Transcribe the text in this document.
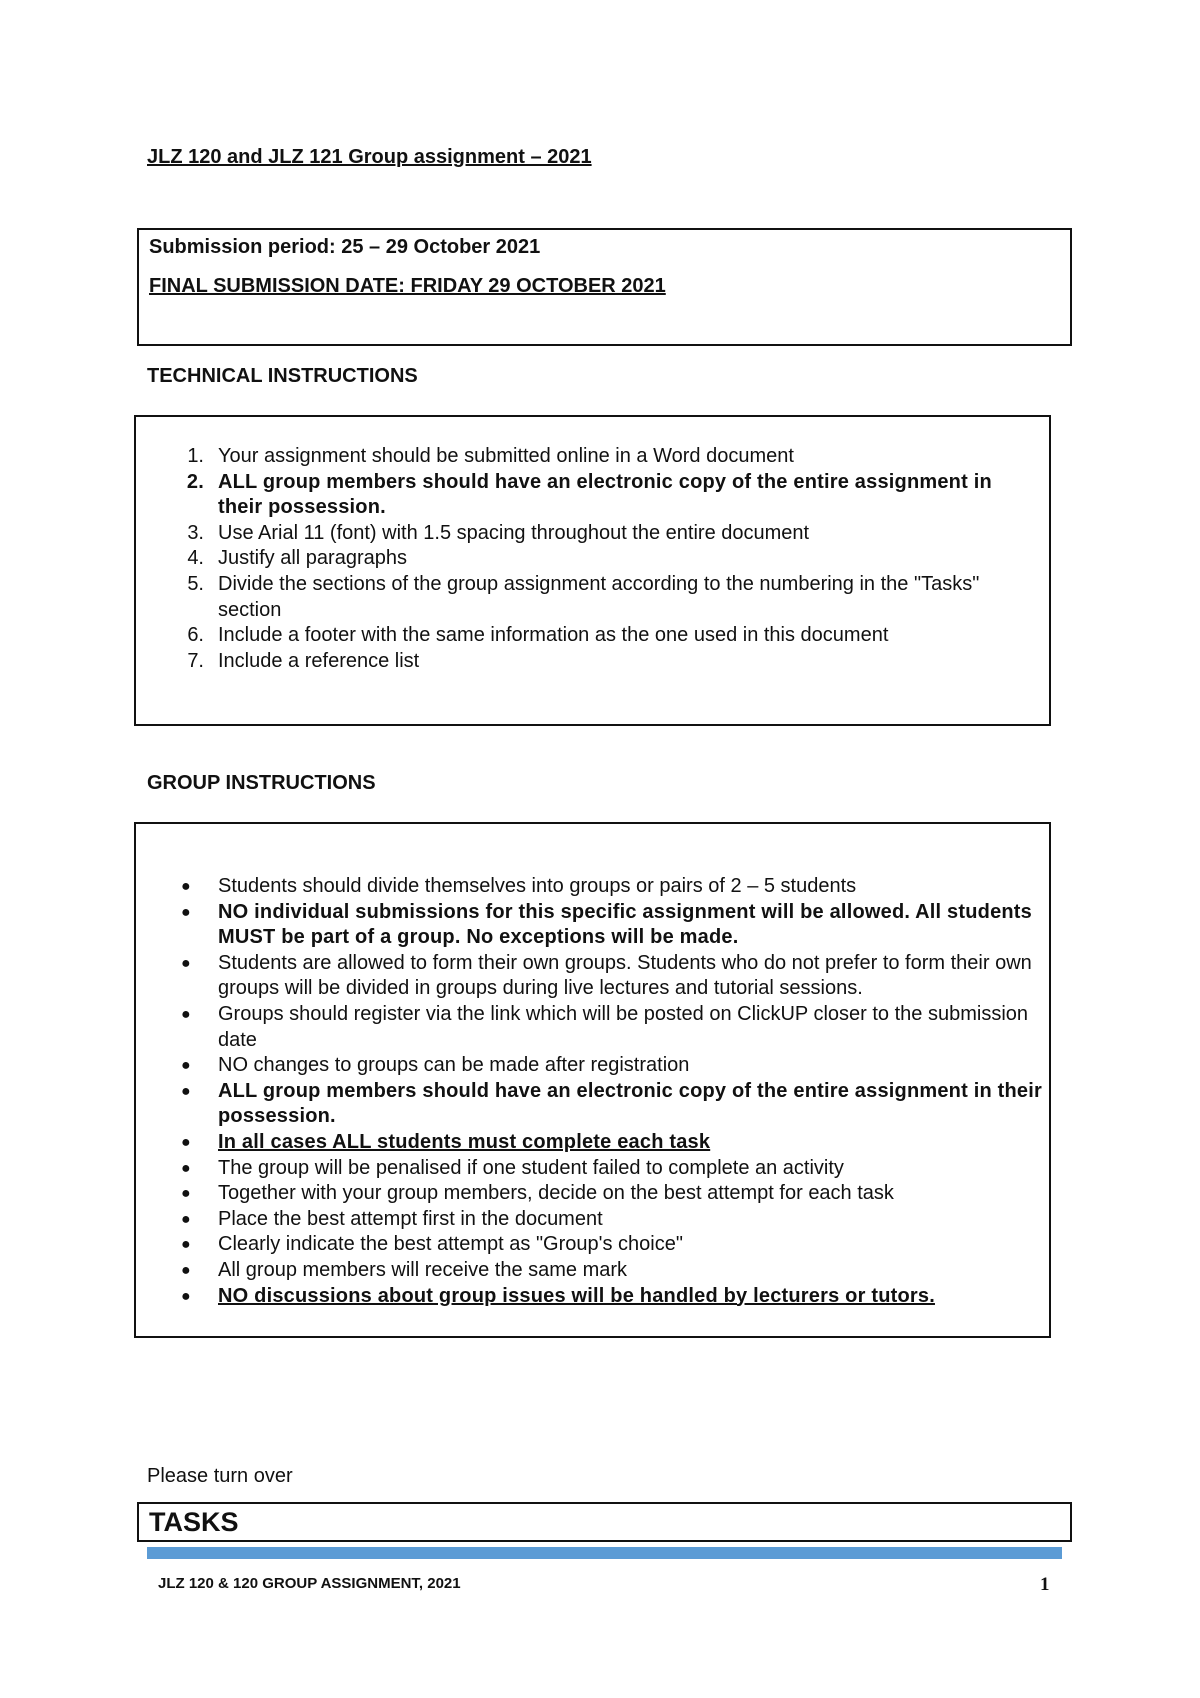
JLZ 120 and JLZ 121 Group assignment – 2021
Submission period: 25 – 29 October 2021
FINAL SUBMISSION DATE: FRIDAY 29 OCTOBER 2021
TECHNICAL INSTRUCTIONS
1. Your assignment should be submitted online in a Word document
2. ALL group members should have an electronic copy of the entire assignment in their possession.
3. Use Arial 11 (font) with 1.5 spacing throughout the entire document
4. Justify all paragraphs
5. Divide the sections of the group assignment according to the numbering in the "Tasks" section
6. Include a footer with the same information as the one used in this document
7. Include a reference list
GROUP INSTRUCTIONS
● Students should divide themselves into groups or pairs of 2 – 5 students
● NO individual submissions for this specific assignment will be allowed. All students MUST be part of a group. No exceptions will be made.
● Students are allowed to form their own groups. Students who do not prefer to form their own groups will be divided in groups during live lectures and tutorial sessions.
● Groups should register via the link which will be posted on ClickUP closer to the submission date
● NO changes to groups can be made after registration
● ALL group members should have an electronic copy of the entire assignment in their possession.
● In all cases ALL students must complete each task
● The group will be penalised if one student failed to complete an activity
● Together with your group members, decide on the best attempt for each task
● Place the best attempt first in the document
● Clearly indicate the best attempt as "Group's choice"
● All group members will receive the same mark
● NO discussions about group issues will be handled by lecturers or tutors.
Please turn over
TASKS
JLZ 120 & 120 GROUP ASSIGNMENT, 2021	1
